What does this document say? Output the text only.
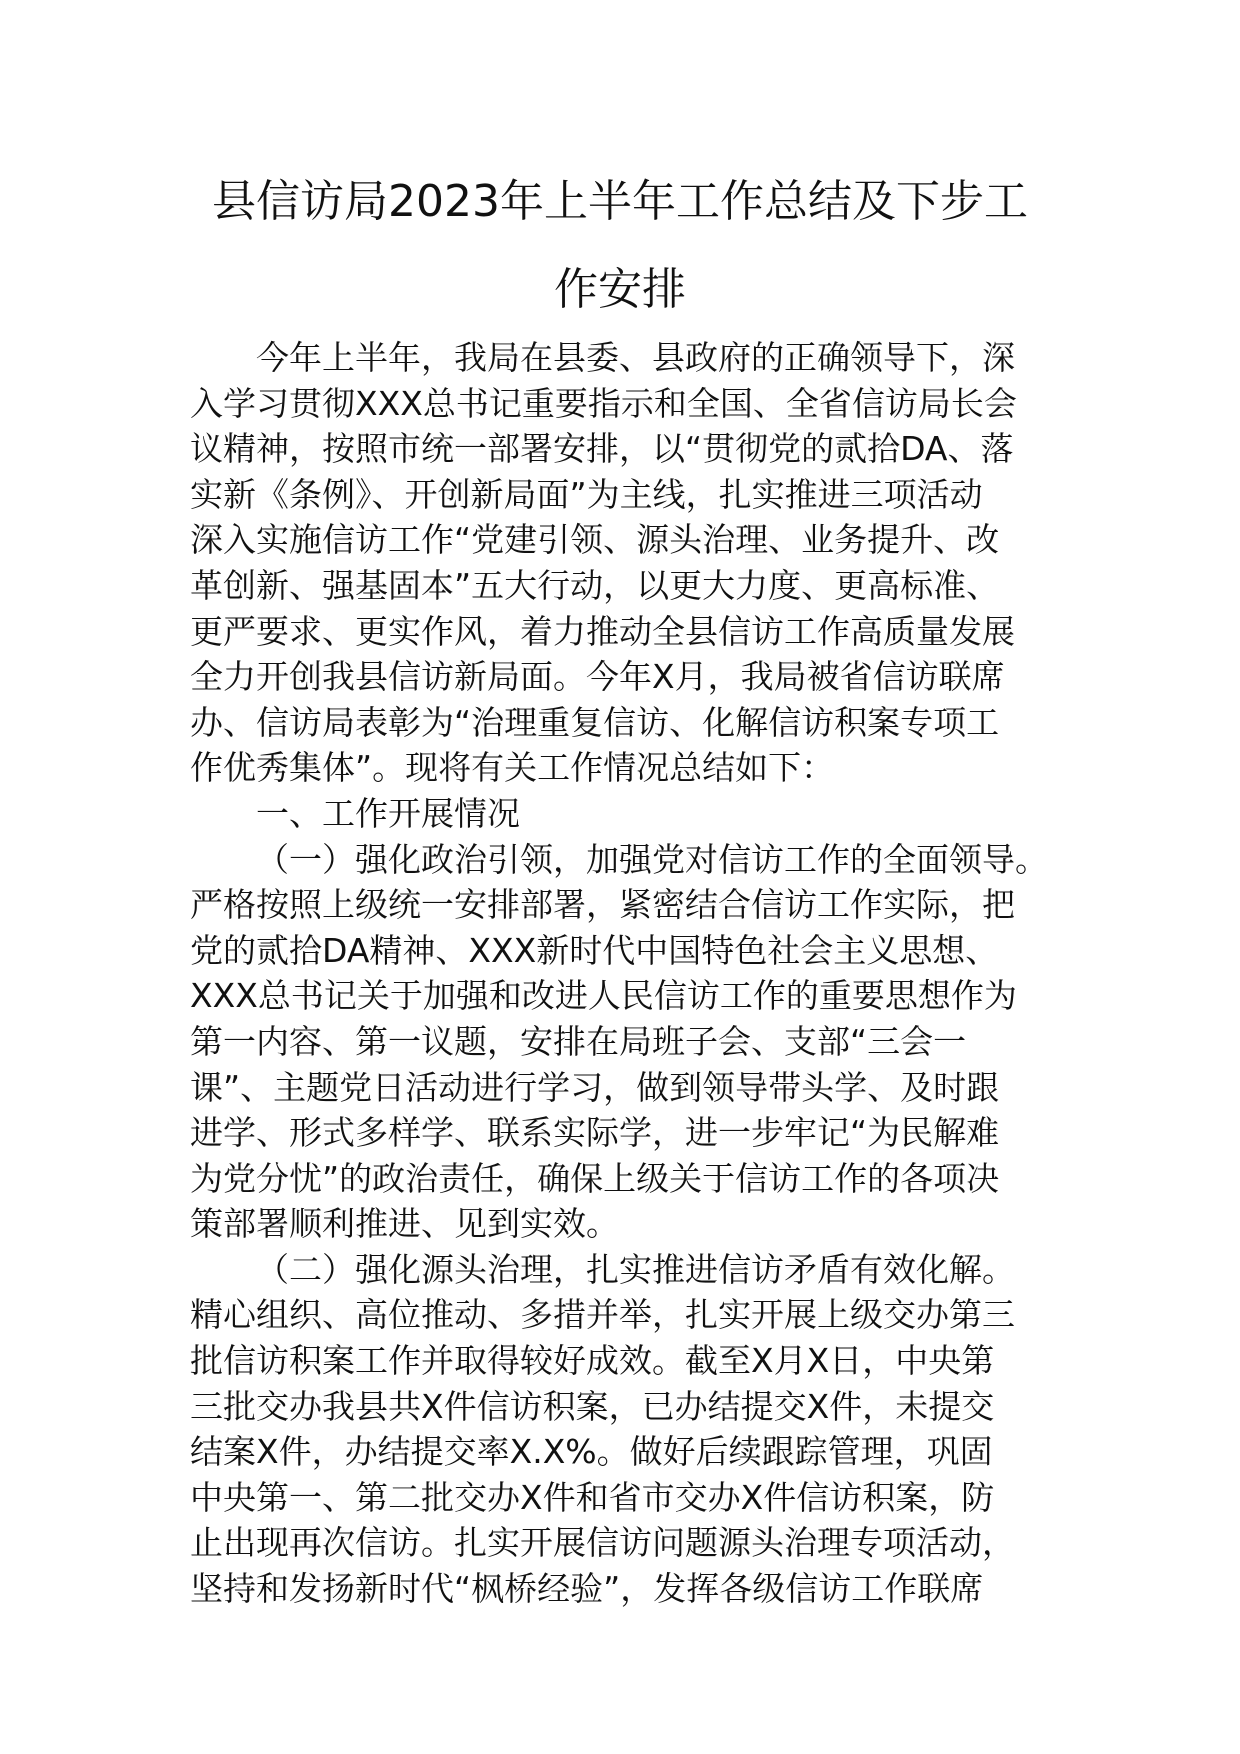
县信访局2023年上半年工作总结及下步工
作安排

今年上半年，我局在县委、县政府的正确领导下，深

入学习贯彻XXX总书记重要指示和全国、全省信访局长会

议精神，按照市统一部署安排，以“贯彻党的贰拾DA、落

实新《条例》、开创新局面”为主线，扎实推进三项活动

深入实施信访工作“党建引领、源头治理、业务提升、改

革创新、强基固本”五大行动，以更大力度、更高标准、

更严要求、更实作风，着力推动全县信访工作高质量发展

全力开创我县信访新局面。今年X月，我局被省信访联席

办、信访局表彰为“治理重复信访、化解信访积案专项工

作优秀集体”。现将有关工作情况总结如下：

一、工作开展情况

（一）强化政治引领，加强党对信访工作的全面领导。

严格按照上级统一安排部署，紧密结合信访工作实际，把

党的贰拾DA精神、XXX新时代中国特色社会主义思想、

XXX总书记关于加强和改进人民信访工作的重要思想作为

第一内容、第一议题，安排在局班子会、支部“三会一

课”、主题党日活动进行学习，做到领导带头学、及时跟

进学、形式多样学、联系实际学，进一步牢记“为民解难

为党分忧”的政治责任，确保上级关于信访工作的各项决

策部署顺利推进、见到实效。

（二）强化源头治理，扎实推进信访矛盾有效化解。

精心组织、高位推动、多措并举，扎实开展上级交办第三

批信访积案工作并取得较好成效。截至X月X日，中央第

三批交办我县共X件信访积案，已办结提交X件，未提交

结案X件，办结提交率X.X%。做好后续跟踪管理，巩固

中央第一、第二批交办X件和省市交办X件信访积案，防

止出现再次信访。扎实开展信访问题源头治理专项活动，

坚持和发扬新时代“枫桥经验”，发挥各级信访工作联席
